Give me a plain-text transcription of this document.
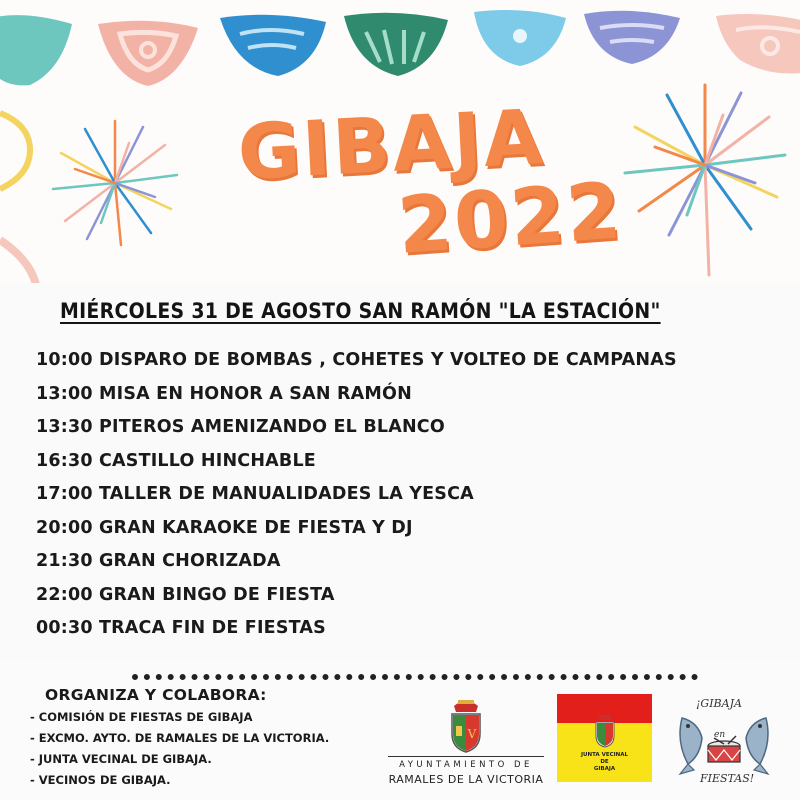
GIBAJA
2022
MIÉRCOLES 31 DE AGOSTO SAN RAMÓN "LA ESTACIÓN"
10:00 DISPARO DE BOMBAS , COHETES Y VOLTEO DE CAMPANAS
13:00 MISA EN HONOR A SAN RAMÓN
13:30 PITEROS AMENIZANDO EL BLANCO
16:30 CASTILLO HINCHABLE
17:00 TALLER DE MANUALIDADES LA YESCA
20:00 GRAN KARAOKE DE FIESTA Y DJ
21:30 GRAN CHORIZADA
22:00 GRAN BINGO DE FIESTA
00:30 TRACA FIN DE FIESTAS
ORGANIZA Y COLABORA:
- COMISIÓN DE FIESTAS DE GIBAJA
- EXCMO. AYTO. DE RAMALES DE LA VICTORIA.
- JUNTA VECINAL DE GIBAJA.
- VECINOS DE GIBAJA.
V
AYUNTAMIENTO DE
RAMALES DE LA VICTORIA
JUNTA VECINAL
DE
GIBAJA
¡GIBAJA
en
FIESTAS!
